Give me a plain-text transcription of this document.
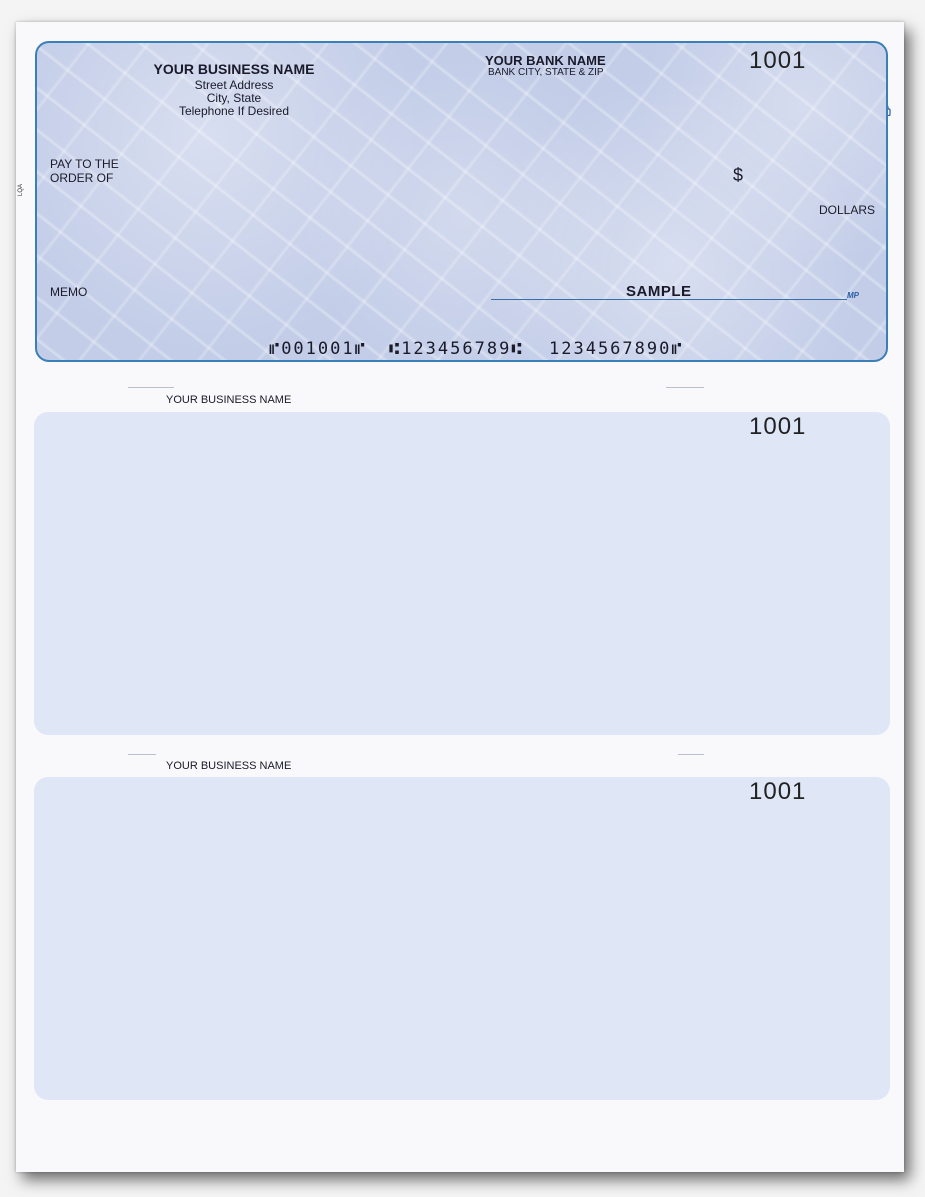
LQA

YOUR BUSINESS NAME

Street Address

City, State

Telephone If Desired

YOUR BANK NAME

BANK CITY, STATE & ZIP	1001

PAY TO THE
ORDER OF	$

DOLLARS

MEMO	SAMPLE	MP

⑈001001⑈ ⑆123456789⑆ 1234567890⑈

YOUR BUSINESS NAME
1001
YOUR BUSINESS NAME
1001
